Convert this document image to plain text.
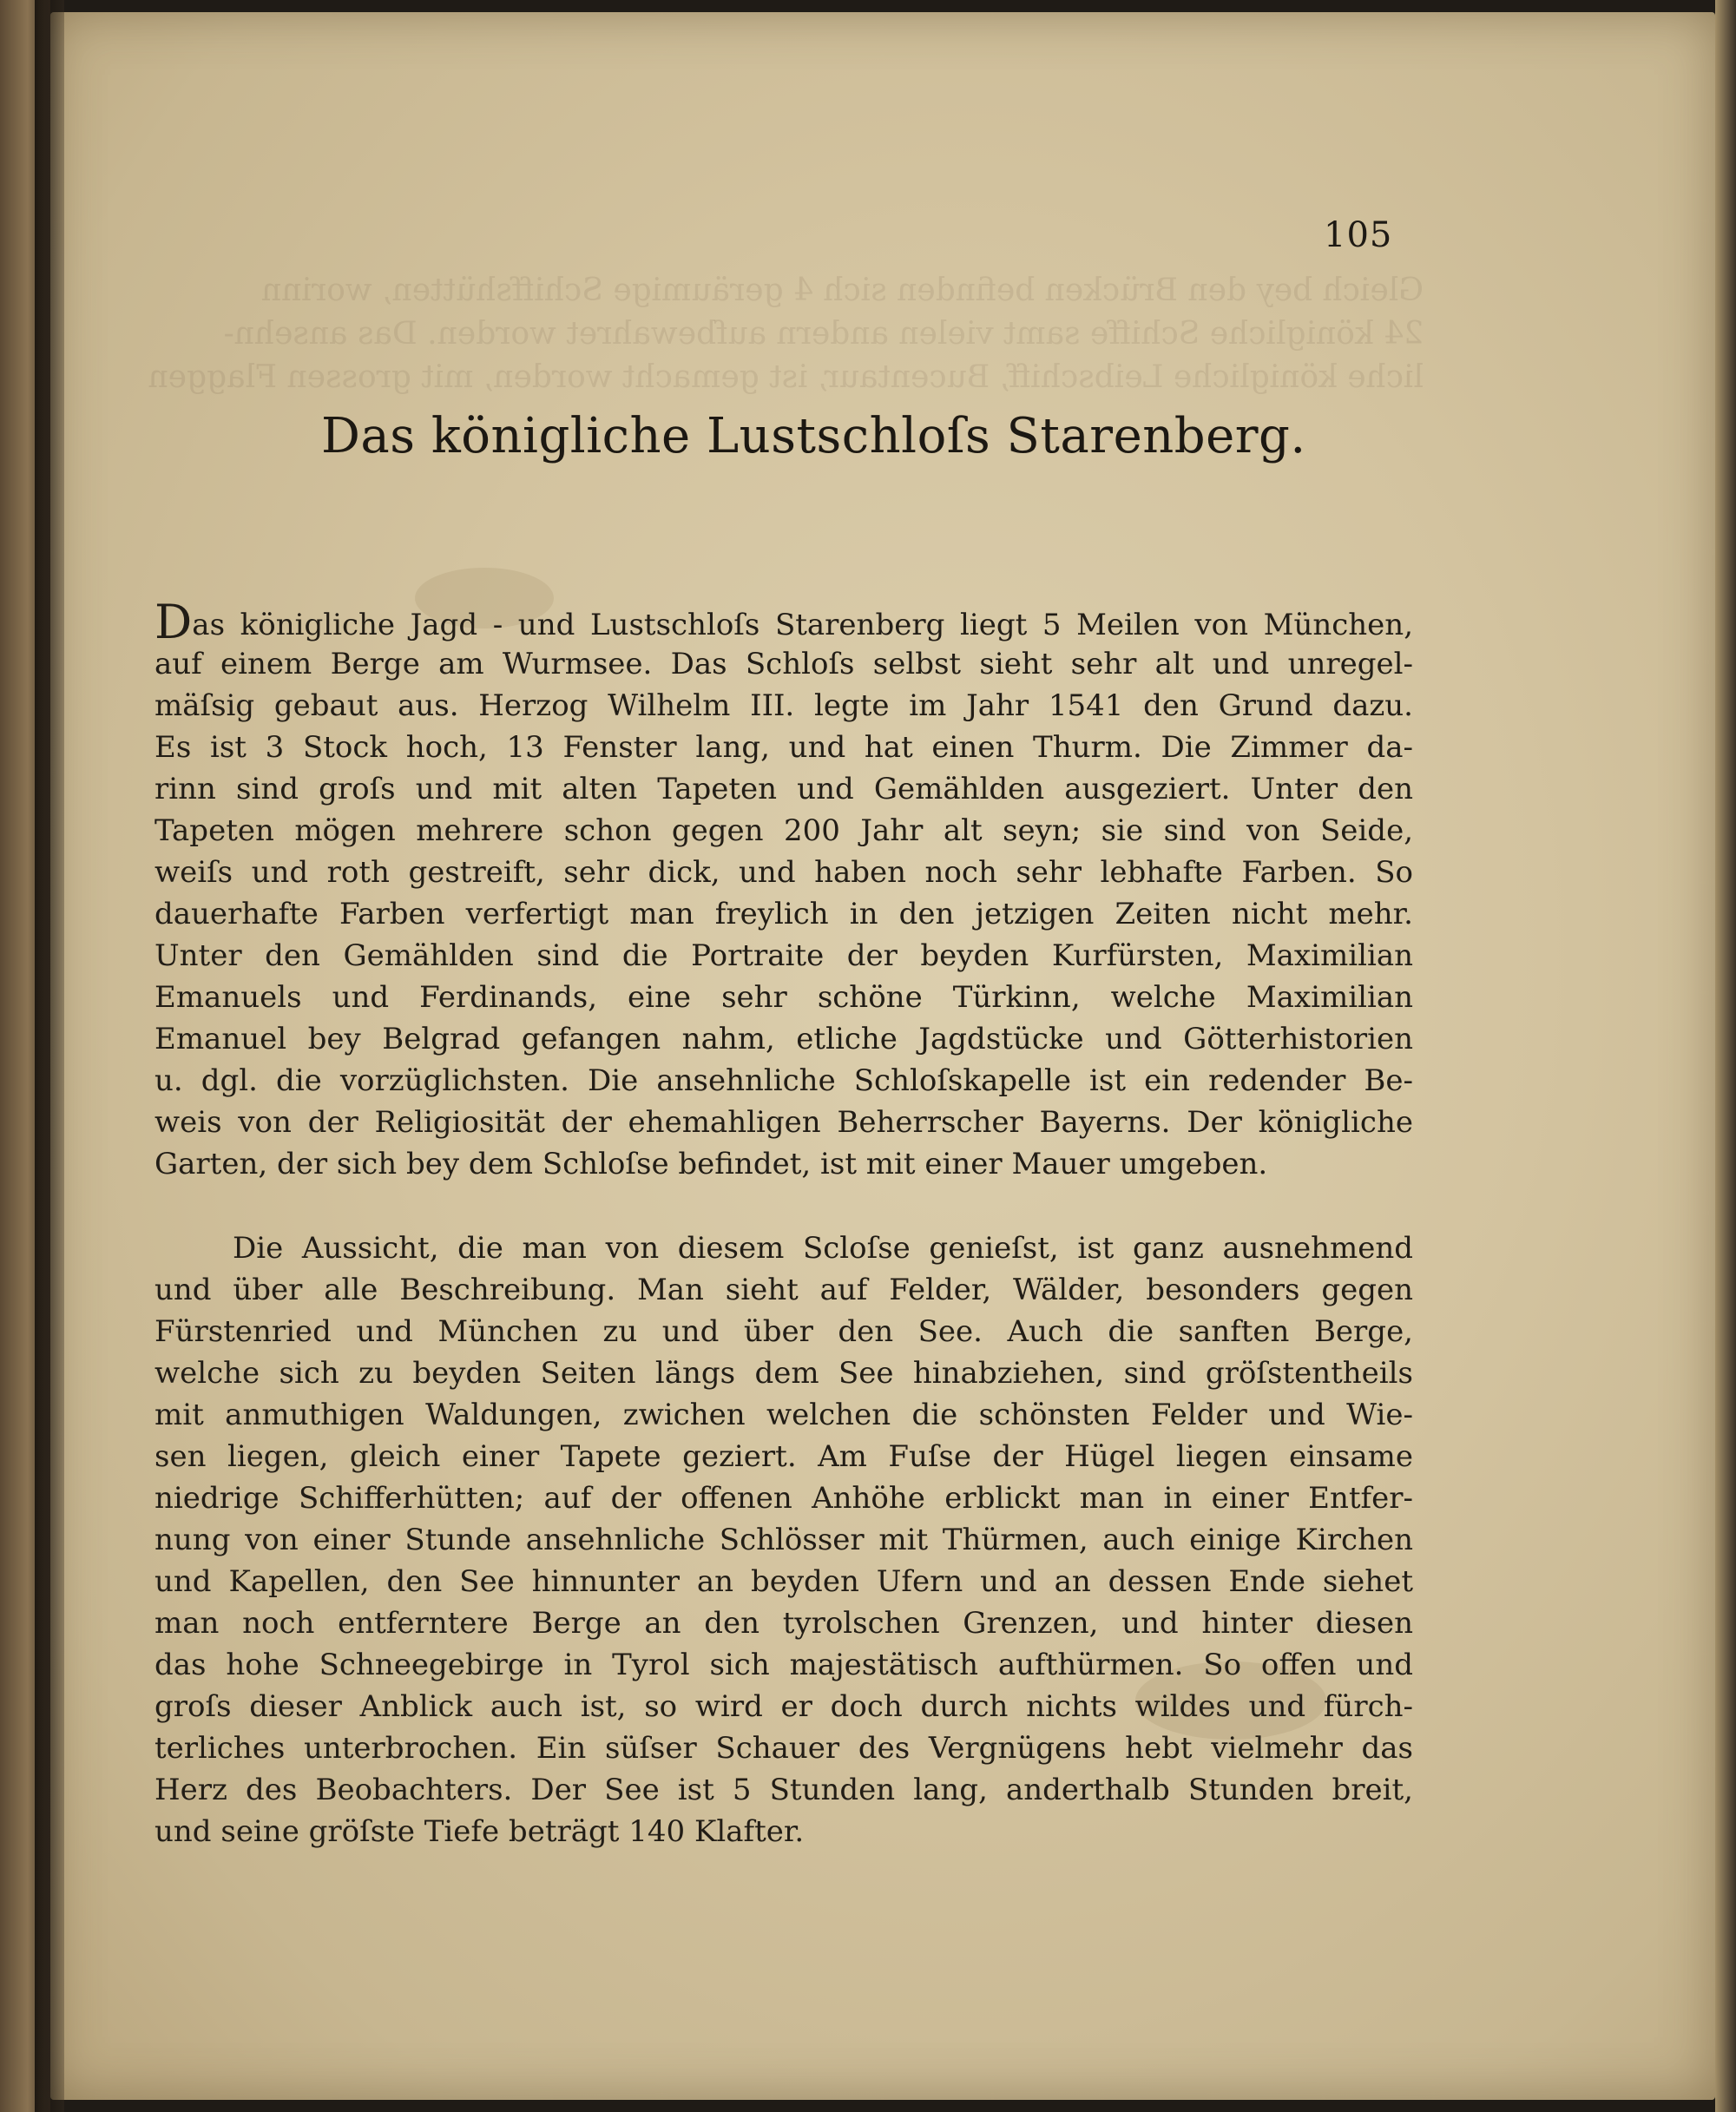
105
Das königliche Lustschloſs Starenberg.
Das königliche Jagd - und Lustschloſs Starenberg liegt 5 Meilen von München,
auf einem Berge am Wurmsee. Das Schloſs selbst sieht sehr alt und unregel-
mäſsig gebaut aus. Herzog Wilhelm III. legte im Jahr 1541 den Grund dazu.
Es ist 3 Stock hoch, 13 Fenster lang, und hat einen Thurm. Die Zimmer da-
rinn sind groſs und mit alten Tapeten und Gemählden ausgeziert. Unter den
Tapeten mögen mehrere schon gegen 200 Jahr alt seyn; sie sind von Seide,
weiſs und roth gestreift, sehr dick, und haben noch sehr lebhafte Farben. So
dauerhafte Farben verfertigt man freylich in den jetzigen Zeiten nicht mehr.
Unter den Gemählden sind die Portraite der beyden Kurfürsten, Maximilian
Emanuels und Ferdinands, eine sehr schöne Türkinn, welche Maximilian
Emanuel bey Belgrad gefangen nahm, etliche Jagdstücke und Götterhistorien
u. dgl. die vorzüglichsten. Die ansehnliche Schloſskapelle ist ein redender Be-
weis von der Religiosität der ehemahligen Beherrscher Bayerns. Der königliche
Garten, der sich bey dem Schloſse befindet, ist mit einer Mauer umgeben.
Die Aussicht, die man von diesem Scloſse genieſst, ist ganz ausnehmend
und über alle Beschreibung. Man sieht auf Felder, Wälder, besonders gegen
Fürstenried und München zu und über den See. Auch die sanften Berge,
welche sich zu beyden Seiten längs dem See hinabziehen, sind gröſstentheils
mit anmuthigen Waldungen, zwichen welchen die schönsten Felder und Wie-
sen liegen, gleich einer Tapete geziert. Am Fuſse der Hügel liegen einsame
niedrige Schifferhütten; auf der offenen Anhöhe erblickt man in einer Entfer-
nung von einer Stunde ansehnliche Schlösser mit Thürmen, auch einige Kirchen
und Kapellen, den See hinnunter an beyden Ufern und an dessen Ende siehet
man noch entferntere Berge an den tyrolschen Grenzen, und hinter diesen
das hohe Schneegebirge in Tyrol sich majestätisch aufthürmen. So offen und
groſs dieser Anblick auch ist, so wird er doch durch nichts wildes und fürch-
terliches unterbrochen. Ein süſser Schauer des Vergnügens hebt vielmehr das
Herz des Beobachters. Der See ist 5 Stunden lang, anderthalb Stunden breit,
und seine gröſste Tiefe beträgt 140 Klafter.
